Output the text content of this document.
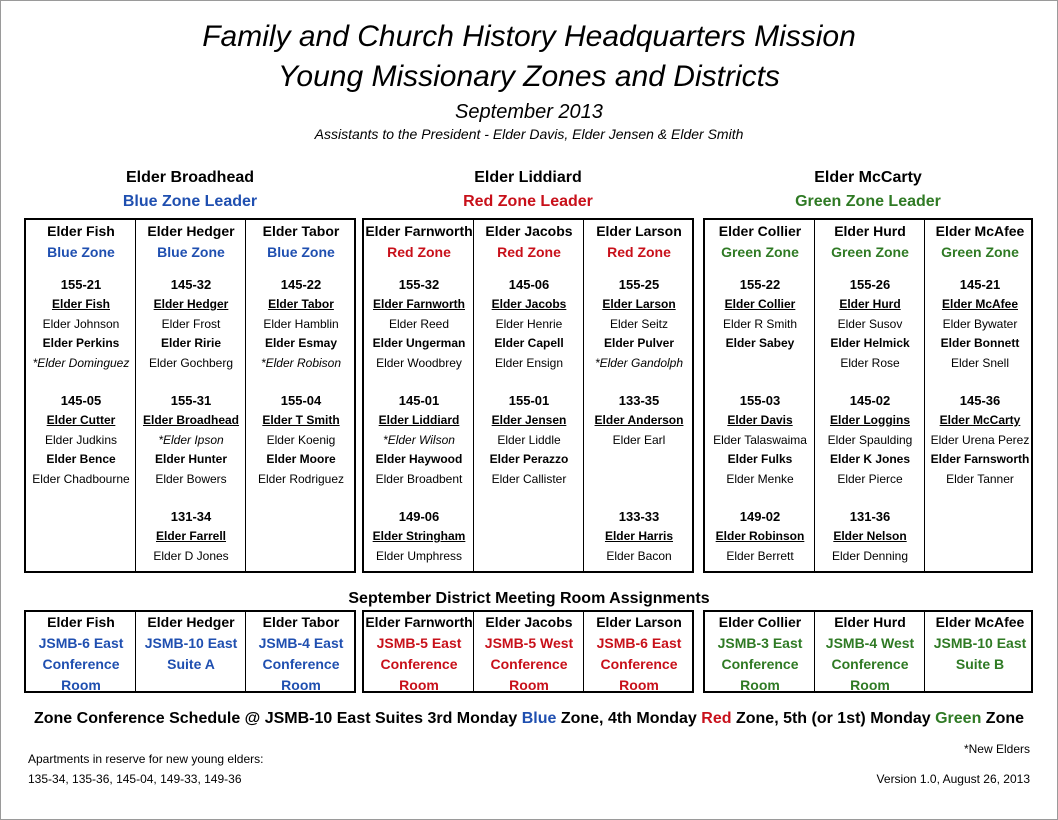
Family and Church History Headquarters Mission
Young Missionary Zones and Districts
September 2013
Assistants to the President - Elder Davis, Elder Jensen & Elder Smith
Elder Broadhead
Blue Zone Leader
Elder Liddiard
Red Zone Leader
Elder McCarty
Green Zone Leader
Elder Fish
Blue Zone
155-21
Elder Fish
Elder Johnson
Elder Perkins
*Elder Dominguez
145-05
Elder Cutter
Elder Judkins
Elder Bence
Elder Chadbourne
Elder Hedger
Blue Zone
145-32
Elder Hedger
Elder Frost
Elder Ririe
Elder Gochberg
155-31
Elder Broadhead
*Elder Ipson
Elder Hunter
Elder Bowers
131-34
Elder Farrell
Elder D Jones
Elder Tabor
Blue Zone
145-22
Elder Tabor
Elder Hamblin
Elder Esmay
*Elder Robison
155-04
Elder T Smith
Elder Koenig
Elder Moore
Elder Rodriguez
Elder Farnworth
Red Zone
155-32
Elder Farnworth
Elder Reed
Elder Ungerman
Elder Woodbrey
145-01
Elder Liddiard
*Elder Wilson
Elder Haywood
Elder Broadbent
149-06
Elder Stringham
Elder Umphress
Elder Jacobs
Red Zone
145-06
Elder Jacobs
Elder Henrie
Elder Capell
Elder Ensign
155-01
Elder Jensen
Elder Liddle
Elder Perazzo
Elder Callister
Elder Larson
Red Zone
155-25
Elder Larson
Elder Seitz
Elder Pulver
*Elder Gandolph
133-35
Elder Anderson
Elder Earl
133-33
Elder Harris
Elder Bacon
Elder Collier
Green Zone
155-22
Elder Collier
Elder R Smith
Elder Sabey
155-03
Elder Davis
Elder Talaswaima
Elder Fulks
Elder Menke
149-02
Elder Robinson
Elder Berrett
Elder Hurd
Green Zone
155-26
Elder Hurd
Elder Susov
Elder Helmick
Elder Rose
145-02
Elder Loggins
Elder Spaulding
Elder K Jones
Elder Pierce
131-36
Elder Nelson
Elder Denning
Elder McAfee
Green Zone
145-21
Elder McAfee
Elder Bywater
Elder Bonnett
Elder Snell
145-36
Elder McCarty
Elder Urena Perez
Elder Farnsworth
Elder Tanner
September District Meeting Room Assignments
Elder Fish
JSMB-6 East
Conference
Room
Elder Hedger
JSMB-10 East
Suite A
Elder Tabor
JSMB-4 East
Conference
Room
Elder Farnworth
JSMB-5 East
Conference
Room
Elder Jacobs
JSMB-5 West
Conference
Room
Elder Larson
JSMB-6 East
Conference
Room
Elder Collier
JSMB-3 East
Conference
Room
Elder Hurd
JSMB-4 West
Conference
Room
Elder McAfee
JSMB-10 East
Suite B
Zone Conference Schedule @ JSMB-10 East Suites 3rd Monday Blue Zone, 4th Monday Red Zone, 5th (or 1st) Monday Green Zone
Apartments in reserve for new young elders:
135-34, 135-36, 145-04, 149-33, 149-36
*New Elders
Version 1.0, August 26, 2013
